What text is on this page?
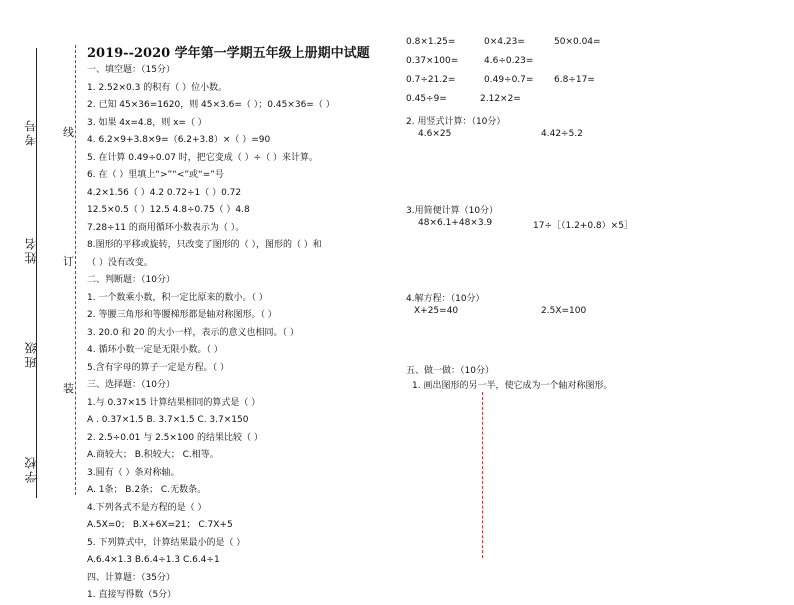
考号
姓名
班级
学校
线
订
装
2019--2020 学年第一学期五年级上册期中试题
一、填空题：（15分）
1. 2.52×0.3 的积有（ ）位小数。
2. 已知 45×36=1620，则 45×3.6=（ ）；0.45×36=（ ）
3. 如果 4x=4.8，则 x=（ ）
4. 6.2×9+3.8×9=（6.2+3.8）×（ ）=90
5. 在计算 0.49÷0.07 时，把它变成（ ）÷（ ）来计算。
6. 在（ ）里填上“>”“<”或“=”号
4.2×1.56（ ）4.2 0.72÷1（ ）0.72
12.5×0.5（ ）12.5 4.8÷0.75（ ）4.8
7.28÷11 的商用循环小数表示为（ ）。
8.图形的平移或旋转，只改变了图形的（ ），图形的（ ）和
（ ）没有改变。
二、判断题：（10分）
1. 一个数乘小数，积一定比原来的数小。（ ）
2. 等腰三角形和等腰梯形都是轴对称图形。（ ）
3. 20.0 和 20 的大小一样，表示的意义也相同。（ ）
4. 循环小数一定是无限小数。（ ）
5.含有字母的算子一定是方程。（ ）
三、选择题：（10分）
1.与 0.37×15 计算结果相同的算式是（ ）
A . 0.37×1.5 B. 3.7×1.5 C. 3.7×150
2. 2.5÷0.01 与 2.5×100 的结果比较（ ）
A.商较大； B.积较大； C.相等。
3.圆有（ ）条对称轴。
A. 1条； B.2条； C.无数条。
4.下列各式不是方程的是（ ）
A.5X=0； B.X+6X=21； C.7X+5
5. 下列算式中，计算结果最小的是（ ）
A.6.4×1.3 B.6.4÷1.3 C.6.4÷1
四、计算题：（35分）
1. 直接写得数（5分）
0.8×1.25=	0×4.23=	50×0.04=
0.37×100=	4.6÷0.23=
0.7÷21.2=	0.49÷0.7= 6.8÷17=
0.45÷9=	2.12×2=
2. 用竖式计算：（10分）
4.6×25	4.42÷5.2
3.用简便计算（10分）
48×6.1+48×3.9	17÷［（1.2+0.8）×5］
4.解方程：（10分）
X+25=40	2.5X=100
五、做一做：（10分）
1. 画出图形的另一半，使它成为一个轴对称图形。
